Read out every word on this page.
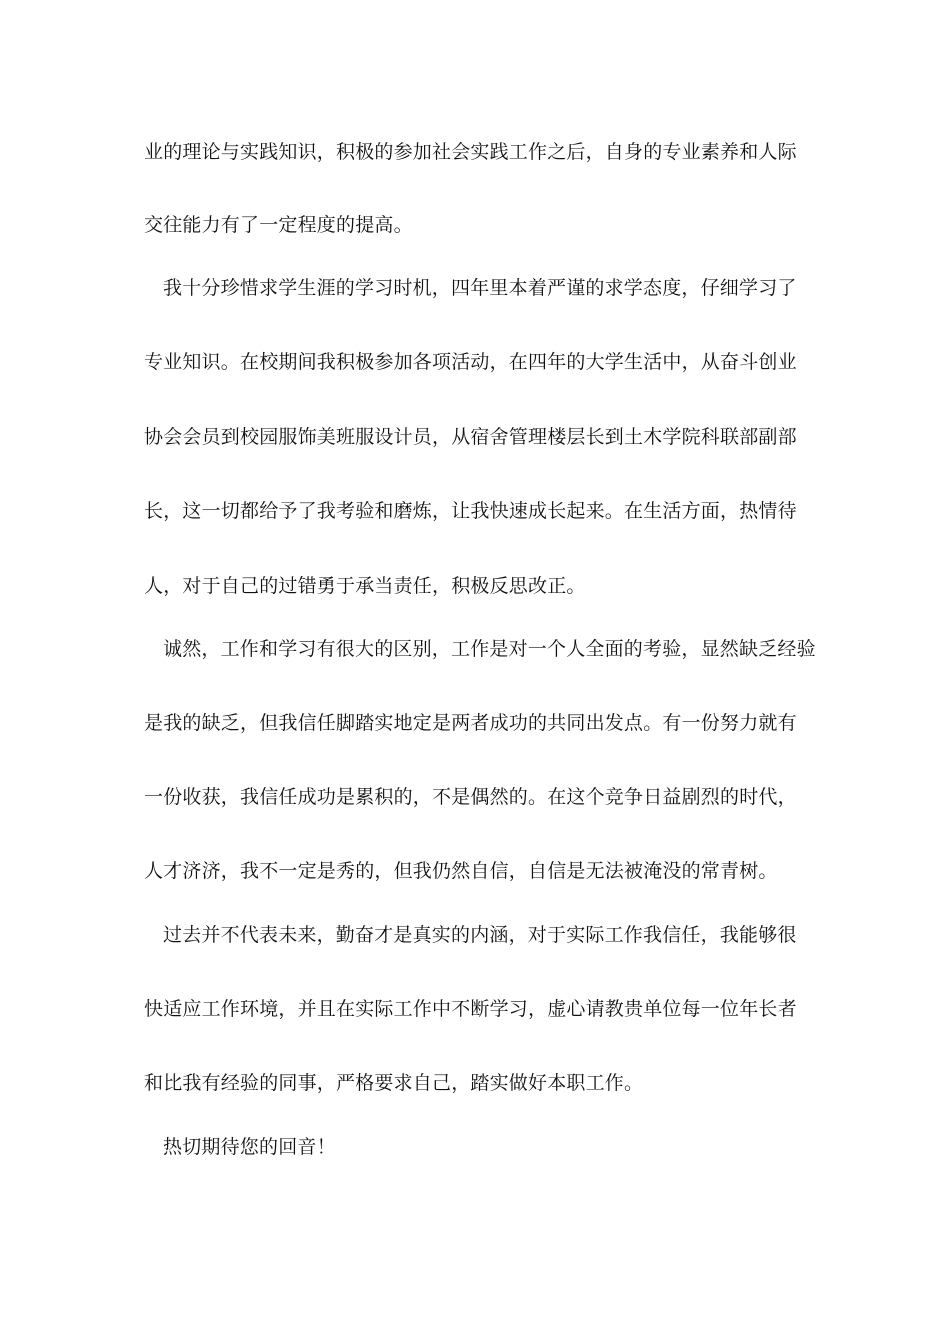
业的理论与实践知识，积极的参加社会实践工作之后，自身的专业素养和人际

交往能力有了一定程度的提高。

我十分珍惜求学生涯的学习时机，四年里本着严谨的求学态度，仔细学习了

专业知识。在校期间我积极参加各项活动，在四年的大学生活中，从奋斗创业

协会会员到校园服饰美班服设计员，从宿舍管理楼层长到土木学院科联部副部

长，这一切都给予了我考验和磨炼，让我快速成长起来。在生活方面，热情待

人，对于自己的过错勇于承当责任，积极反思改正。

诚然，工作和学习有很大的区别，工作是对一个人全面的考验，显然缺乏经验

是我的缺乏，但我信任脚踏实地定是两者成功的共同出发点。有一份努力就有

一份收获，我信任成功是累积的，不是偶然的。在这个竞争日益剧烈的时代，

人才济济，我不一定是秀的，但我仍然自信，自信是无法被淹没的常青树。

过去并不代表未来，勤奋才是真实的内涵，对于实际工作我信任，我能够很

快适应工作环境，并且在实际工作中不断学习，虚心请教贵单位每一位年长者

和比我有经验的同事，严格要求自己，踏实做好本职工作。

热切期待您的回音！
